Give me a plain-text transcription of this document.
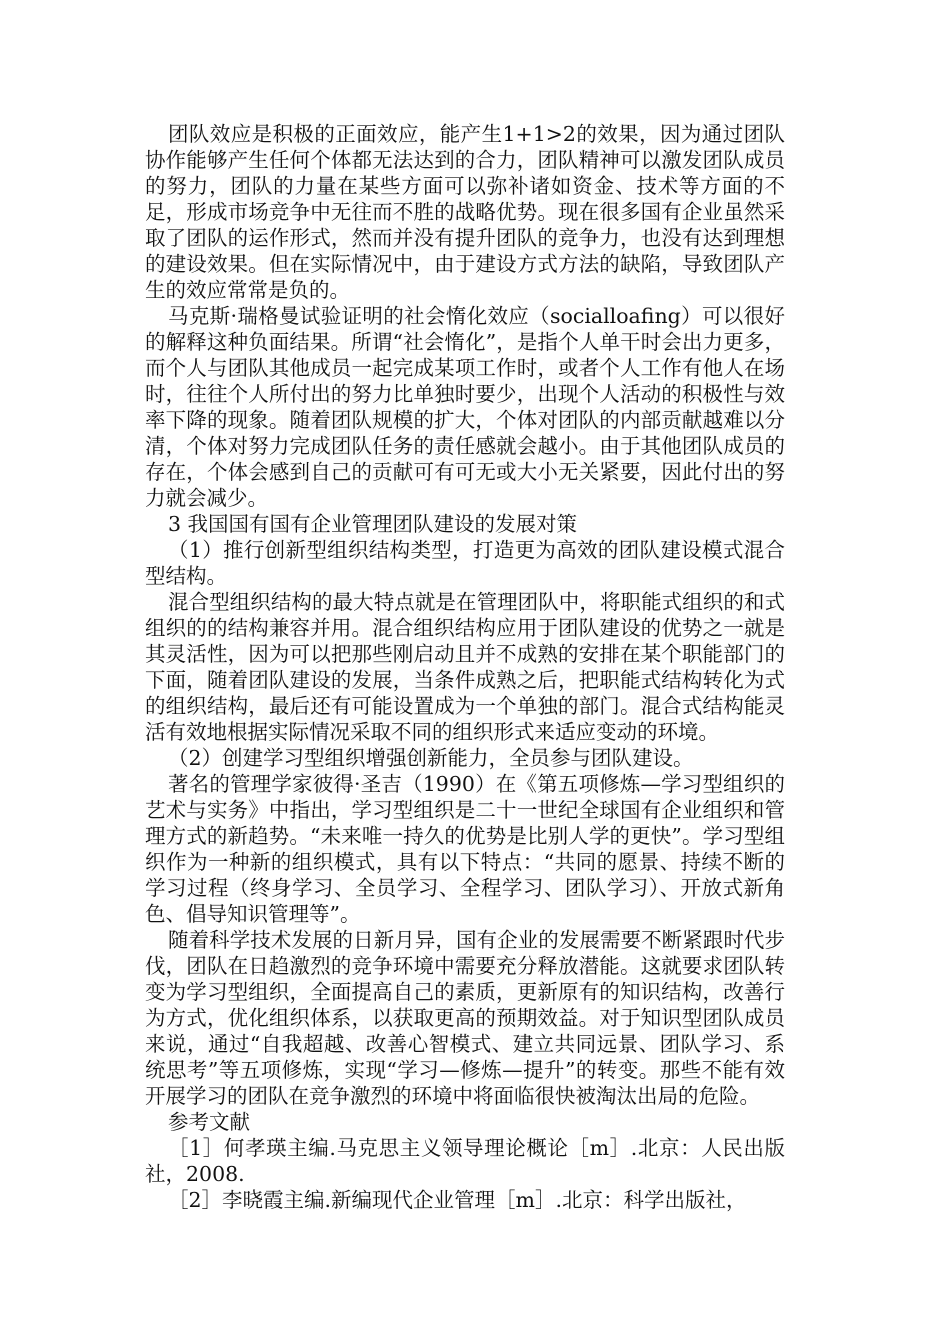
团队效应是积极的正面效应，能产生1+1>2的效果，因为通过团队协作能够产生任何个体都无法达到的合力，团队精神可以激发团队成员的努力，团队的力量在某些方面可以弥补诸如资金、技术等方面的不足，形成市场竞争中无往而不胜的战略优势。现在很多国有企业虽然采取了团队的运作形式，然而并没有提升团队的竞争力，也没有达到理想的建设效果。但在实际情况中，由于建设方式方法的缺陷，导致团队产生的效应常常是负的。

马克斯·瑞格曼试验证明的社会惰化效应（socialloafing）可以很好的解释这种负面结果。所谓“社会惰化”，是指个人单干时会出力更多，而个人与团队其他成员一起完成某项工作时，或者个人工作有他人在场时，往往个人所付出的努力比单独时要少，出现个人活动的积极性与效率下降的现象。随着团队规模的扩大，个体对团队的内部贡献越难以分清，个体对努力完成团队任务的责任感就会越小。由于其他团队成员的存在，个体会感到自己的贡献可有可无或大小无关紧要，因此付出的努力就会减少。

3 我国国有国有企业管理团队建设的发展对策

（1）推行创新型组织结构类型，打造更为高效的团队建设模式混合型结构。

混合型组织结构的最大特点就是在管理团队中，将职能式组织的和式组织的的结构兼容并用。混合组织结构应用于团队建设的优势之一就是其灵活性，因为可以把那些刚启动且并不成熟的安排在某个职能部门的下面，随着团队建设的发展，当条件成熟之后，把职能式结构转化为式的组织结构，最后还有可能设置成为一个单独的部门。混合式结构能灵活有效地根据实际情况采取不同的组织形式来适应变动的环境。

（2）创建学习型组织增强创新能力，全员参与团队建设。

著名的管理学家彼得·圣吉（1990）在《第五项修炼—学习型组织的艺术与实务》中指出，学习型组织是二十一世纪全球国有企业组织和管理方式的新趋势。“未来唯一持久的优势是比别人学的更快”。学习型组织作为一种新的组织模式，具有以下特点：“共同的愿景、持续不断的学习过程（终身学习、全员学习、全程学习、团队学习）、开放式新角色、倡导知识管理等”。

随着科学技术发展的日新月异，国有企业的发展需要不断紧跟时代步伐，团队在日趋激烈的竞争环境中需要充分释放潜能。这就要求团队转变为学习型组织，全面提高自己的素质，更新原有的知识结构，改善行为方式，优化组织体系，以获取更高的预期效益。对于知识型团队成员来说，通过“自我超越、改善心智模式、建立共同远景、团队学习、系统思考”等五项修炼，实现“学习—修炼—提升”的转变。那些不能有效开展学习的团队在竞争激烈的环境中将面临很快被淘汰出局的危险。

参考文献

［1］何孝瑛主编.马克思主义领导理论概论［m］.北京：人民出版社，2008.

［2］李晓霞主编.新编现代企业管理［m］.北京：科学出版社，
